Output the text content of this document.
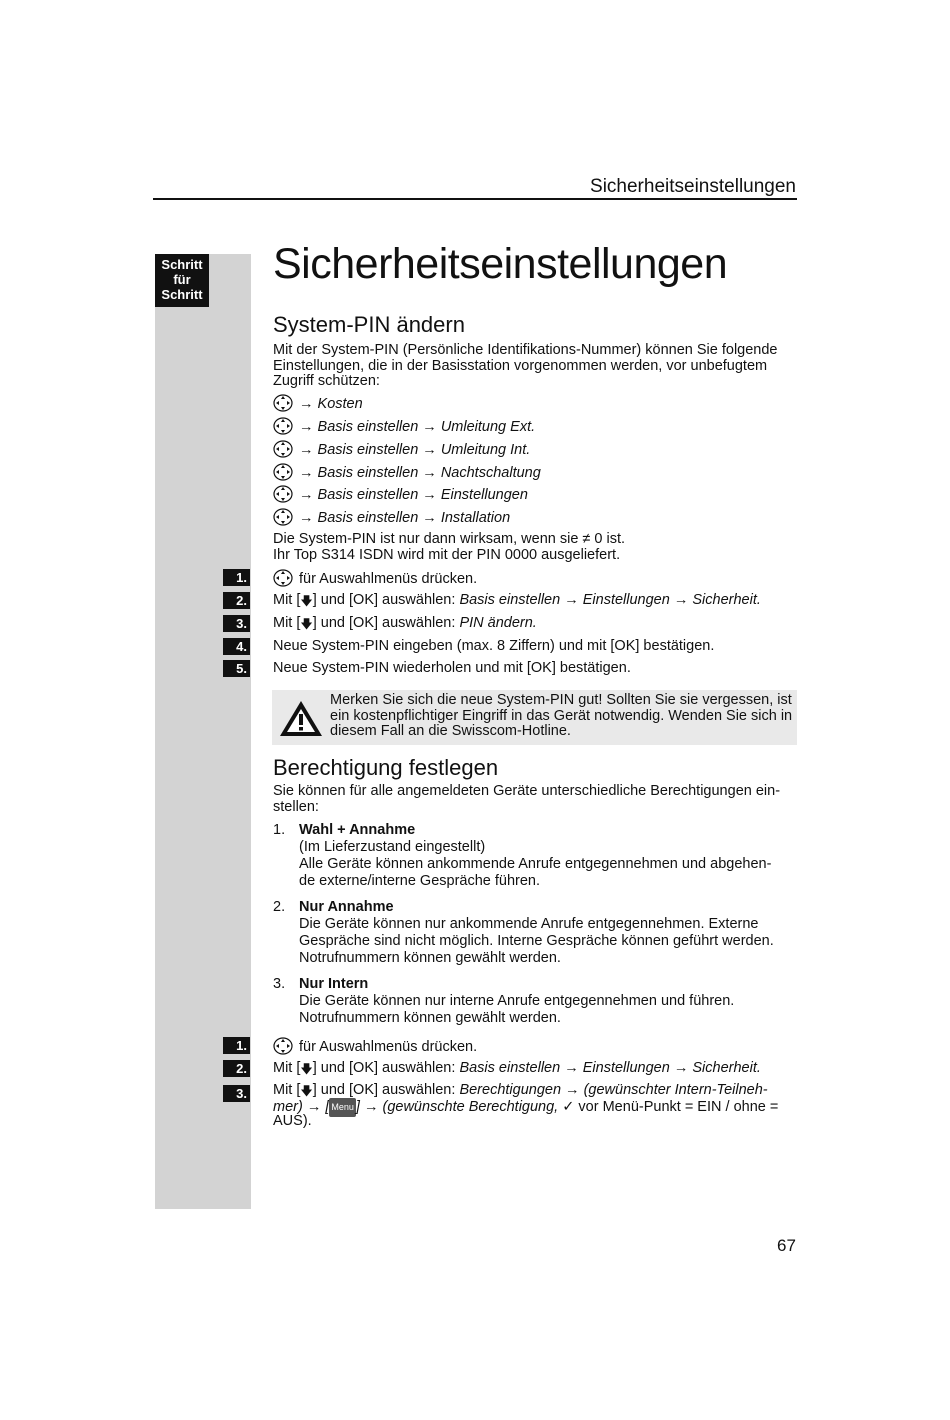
Sicherheitseinstellungen
Schritt
für
Schritt
Sicherheitseinstellungen
System-PIN ändern
Mit der System-PIN (Persönliche Identifikations-Nummer) können Sie folgende Einstellungen, die in der Basisstation vorgenommen werden, vor unbefugtem Zugriff schützen:
→ Kosten
→ Basis einstellen → Umleitung Ext.
→ Basis einstellen → Umleitung Int.
→ Basis einstellen → Nachtschaltung
→ Basis einstellen → Einstellungen
→ Basis einstellen → Installation
Die System-PIN ist nur dann wirksam, wenn sie ≠ 0 ist.
Ihr Top S314 ISDN wird mit der PIN 0000 ausgeliefert.
1.	für Auswahlmenüs drücken.
2. Mit [🡇] und [OK] auswählen: Basis einstellen → Einstellungen → Sicherheit.
3. Mit [🡇] und [OK] auswählen: PIN ändern.
4. Neue System-PIN eingeben (max. 8 Ziffern) und mit [OK] bestätigen.
5. Neue System-PIN wiederholen und mit [OK] bestätigen.
Merken Sie sich die neue System-PIN gut! Sollten Sie sie vergessen, ist ein kostenpflichtiger Eingriff in das Gerät notwendig. Wenden Sie sich in diesem Fall an die Swisscom-Hotline.
Berechtigung festlegen
Sie können für alle angemeldeten Geräte unterschiedliche Berechtigungen ein-stellen:
1. Wahl + Annahme
(Im Lieferzustand eingestellt)
Alle Geräte können ankommende Anrufe entgegennehmen und abgehen-
de externe/interne Gespräche führen.
2. Nur Annahme
Die Geräte können nur ankommende Anrufe entgegennehmen. Externe
Gespräche sind nicht möglich. Interne Gespräche können geführt werden.
Notrufnummern können gewählt werden.
3. Nur Intern
Die Geräte können nur interne Anrufe entgegennehmen und führen.
Notrufnummern können gewählt werden.
1.	für Auswahlmenüs drücken.
2. Mit [🡇] und [OK] auswählen: Basis einstellen → Einstellungen → Sicherheit.
3. Mit [🡇] und [OK] auswählen: Berechtigungen → (gewünschter Intern-Teilneh-
mer) → [ Menu ] → (gewünschte Berechtigung, ✓ vor Menü-Punkt = EIN / ohne =
AUS).
67
